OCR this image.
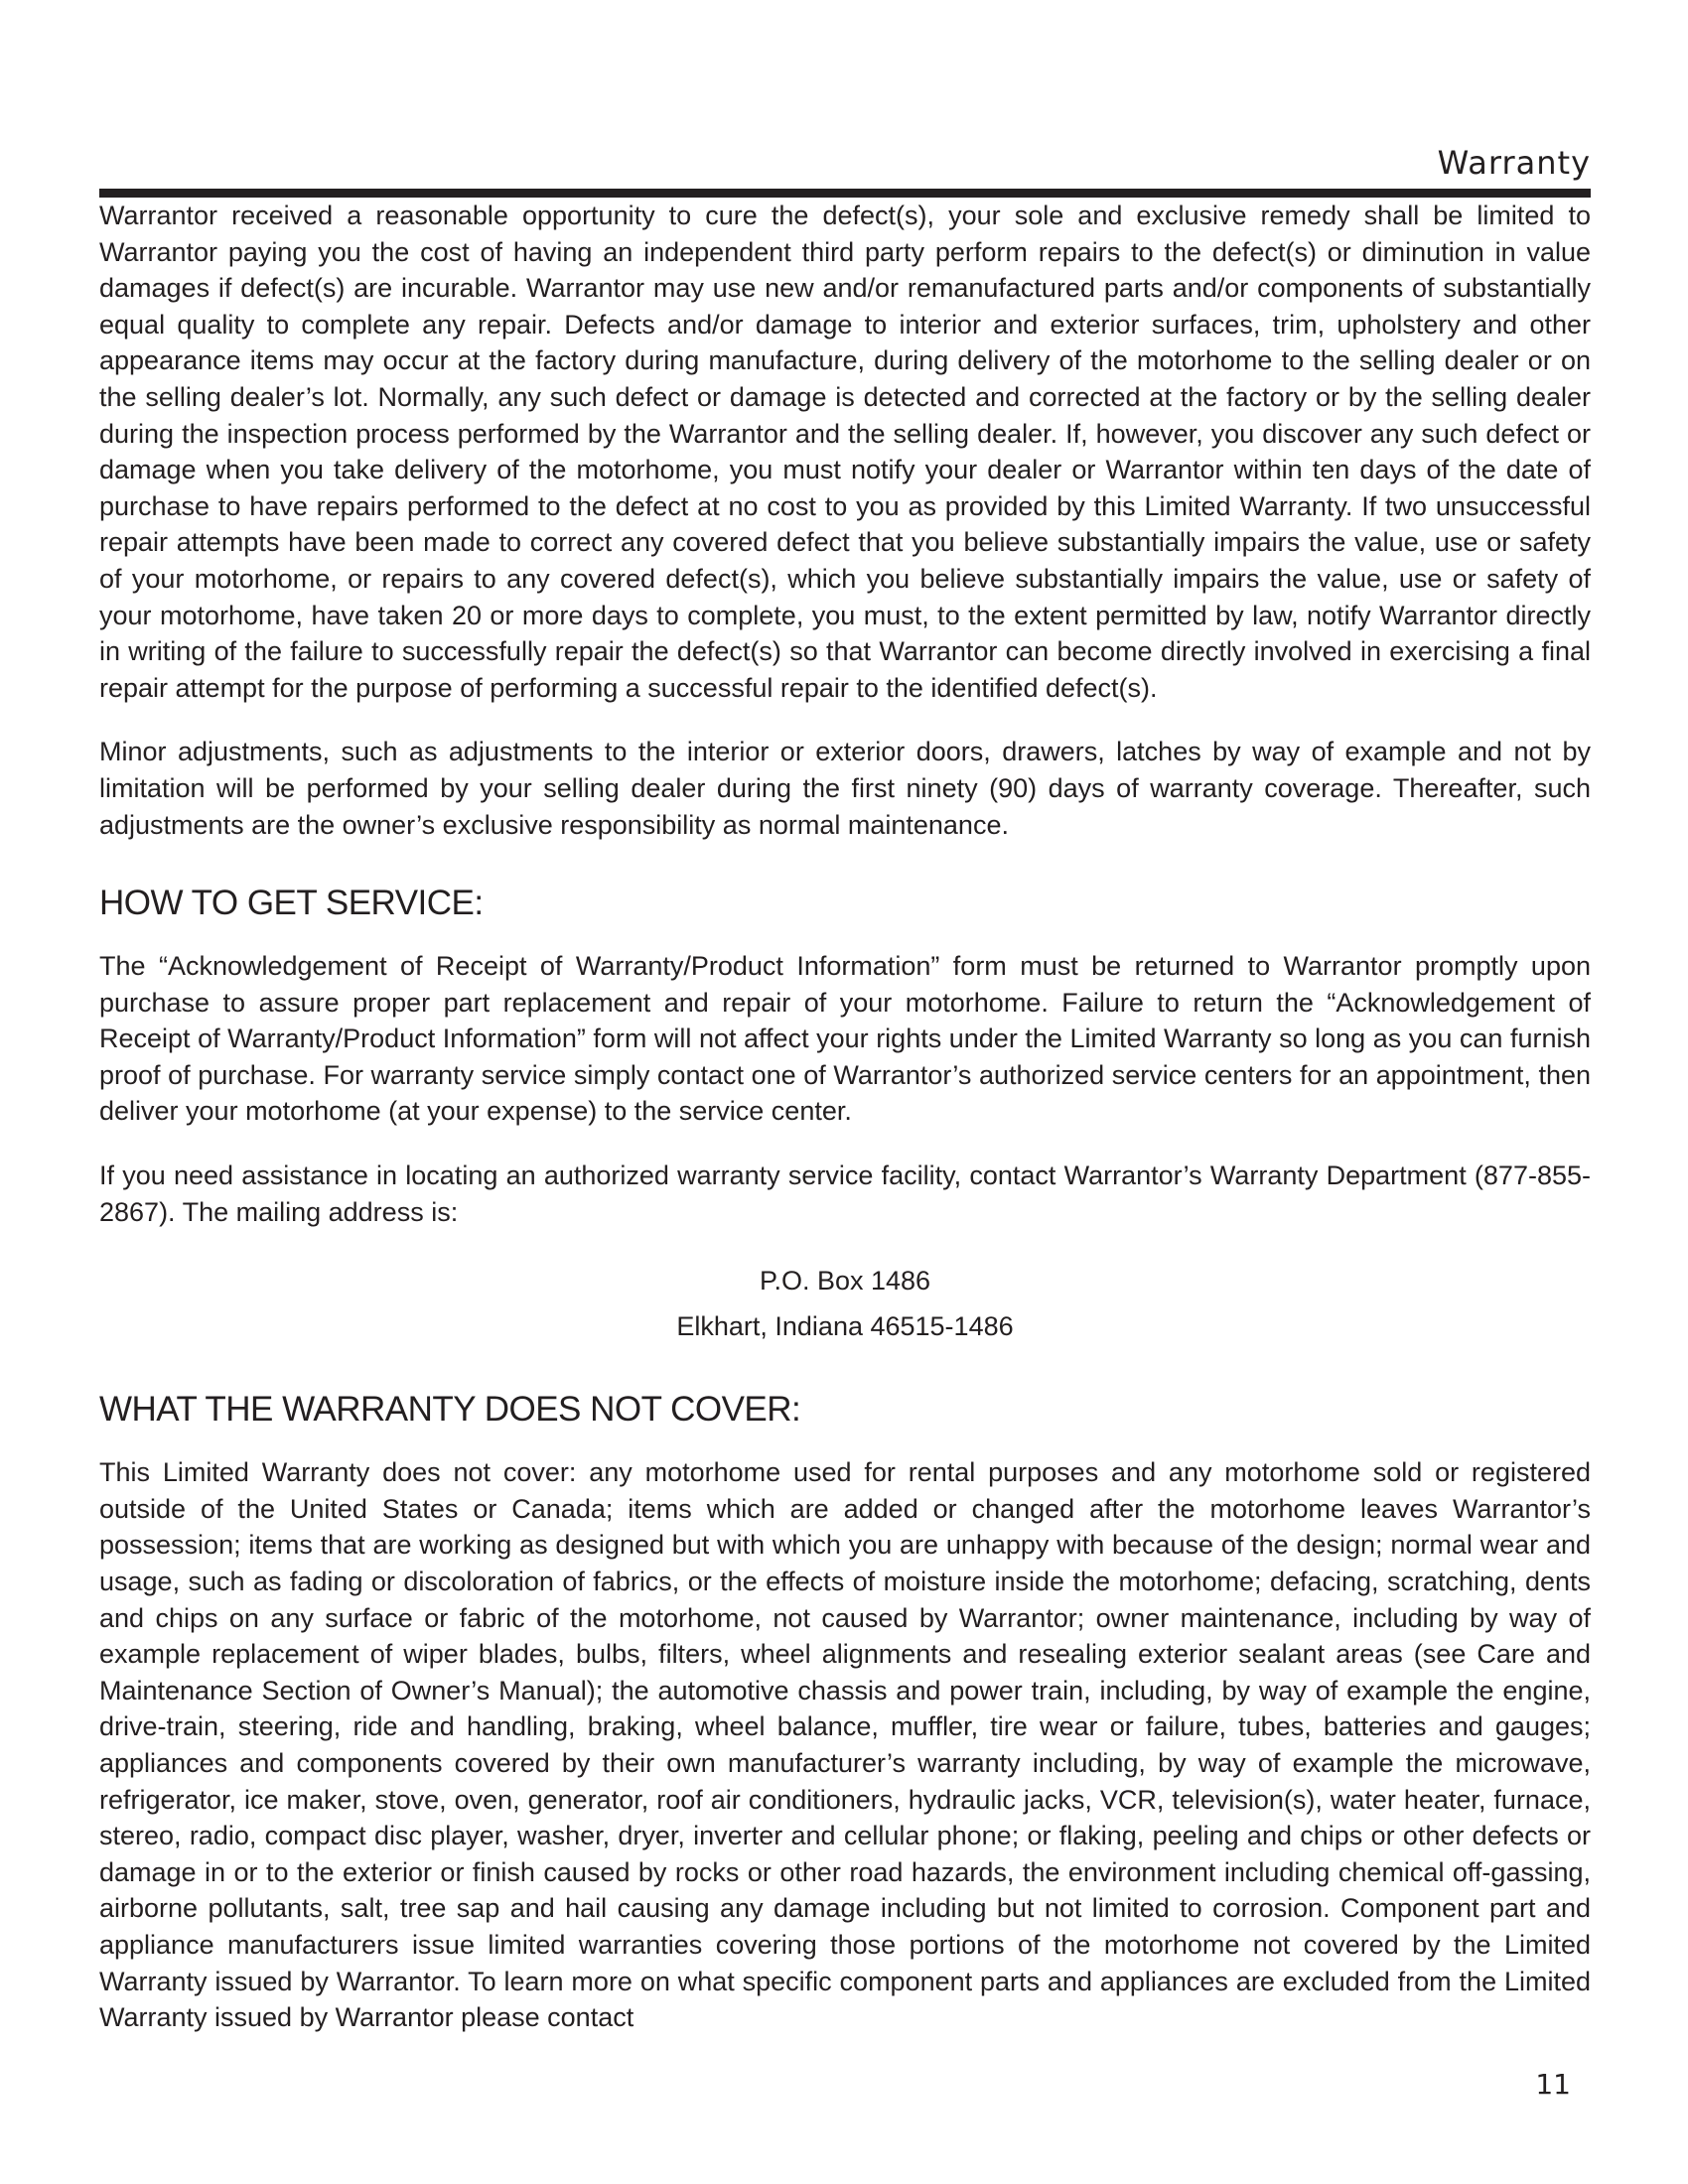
Warranty

Warrantor received a reasonable opportunity to cure the defect(s), your sole and exclusive remedy shall be limited to Warrantor paying you the cost of having an independent third party perform repairs to the defect(s) or diminution in value damages if defect(s) are incurable. Warrantor may use new and/or remanufactured parts and/or components of substantially equal quality to complete any repair. Defects and/or damage to interior and exterior surfaces, trim, upholstery and other appearance items may occur at the factory during manufacture, during delivery of the motorhome to the selling dealer or on the selling dealer’s lot. Normally, any such defect or damage is detected and corrected at the factory or by the selling dealer during the inspection process performed by the Warrantor and the selling dealer. If, however, you discover any such defect or damage when you take delivery of the motorhome, you must notify your dealer or Warrantor within ten days of the date of purchase to have repairs performed to the defect at no cost to you as provided by this Limited Warranty. If two unsuccessful repair attempts have been made to correct any covered defect that you believe substantially impairs the value, use or safety of your motorhome, or repairs to any covered defect(s), which you believe substantially impairs the value, use or safety of your motorhome, have taken 20 or more days to complete, you must, to the extent permitted by law, notify Warrantor directly in writing of the failure to successfully repair the defect(s) so that Warrantor can become directly involved in exercising a final repair attempt for the purpose of performing a successful repair to the identified defect(s).

Minor adjustments, such as adjustments to the interior or exterior doors, drawers, latches by way of example and not by limitation will be performed by your selling dealer during the first ninety (90) days of warranty coverage. Thereafter, such adjustments are the owner’s exclusive responsibility as normal maintenance.

HOW TO GET SERVICE:

The “Acknowledgement of Receipt of Warranty/Product Information” form must be returned to Warrantor promptly upon purchase to assure proper part replacement and repair of your motorhome. Failure to return the “Acknowledgement of Receipt of Warranty/Product Information” form will not affect your rights under the Limited Warranty so long as you can furnish proof of purchase. For warranty service simply contact one of Warrantor’s authorized service centers for an appointment, then deliver your motorhome (at your expense) to the service center.

If you need assistance in locating an authorized warranty service facility, contact Warrantor’s Warranty Department (877-855-2867). The mailing address is:

P.O. Box 1486
Elkhart, Indiana 46515-1486
WHAT THE WARRANTY DOES NOT COVER:

This Limited Warranty does not cover: any motorhome used for rental purposes and any motorhome sold or registered outside of the United States or Canada; items which are added or changed after the motorhome leaves Warrantor’s possession; items that are working as designed but with which you are unhappy with because of the design; normal wear and usage, such as fading or discoloration of fabrics, or the effects of moisture inside the motorhome; defacing, scratching, dents and chips on any surface or fabric of the motorhome, not caused by Warrantor; owner maintenance, including by way of example replacement of wiper blades, bulbs, filters, wheel alignments and resealing exterior sealant areas (see Care and Maintenance Section of Owner’s Manual); the automotive chassis and power train, including, by way of example the engine, drive-train, steering, ride and handling, braking, wheel balance, muffler, tire wear or failure, tubes, batteries and gauges; appliances and components covered by their own manufacturer’s warranty including, by way of example the microwave, refrigerator, ice maker, stove, oven, generator, roof air conditioners, hydraulic jacks, VCR, television(s), water heater, furnace, stereo, radio, compact disc player, washer, dryer, inverter and cellular phone; or flaking, peeling and chips or other defects or damage in or to the exterior or finish caused by rocks or other road hazards, the environment including chemical off-gassing, airborne pollutants, salt, tree sap and hail causing any damage including but not limited to corrosion. Component part and appliance manufacturers issue limited warranties covering those portions of the motorhome not covered by the Limited Warranty issued by Warrantor. To learn more on what specific component parts and appliances are excluded from the Limited Warranty issued by Warrantor please contact

11
